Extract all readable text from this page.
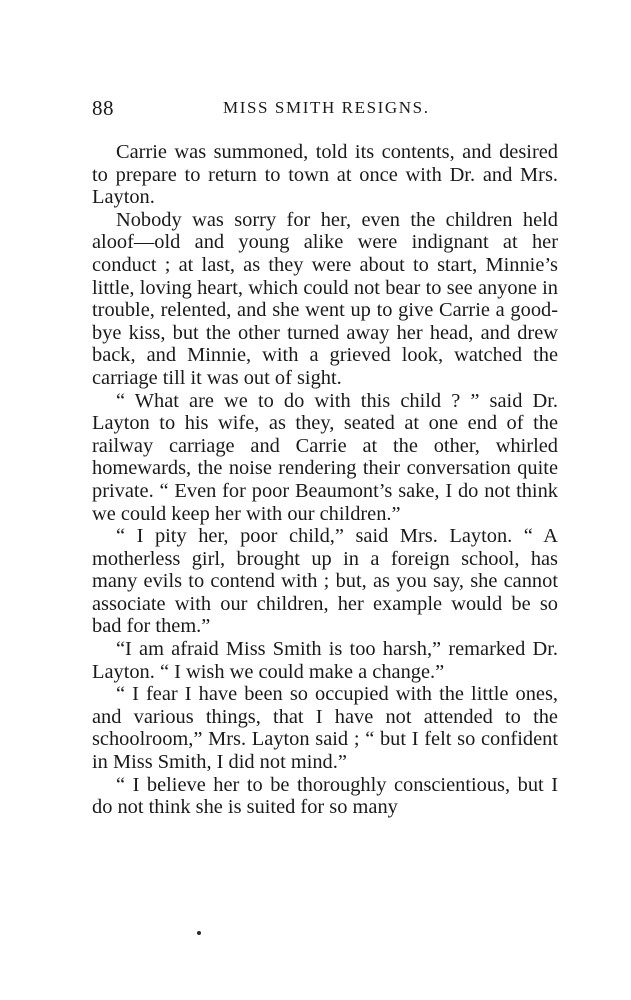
88	MISS SMITH RESIGNS.

Carrie was summoned, told its contents, and desired to prepare to return to town at once with Dr. and Mrs. Layton.

Nobody was sorry for her, even the children held aloof—old and young alike were indignant at her conduct ; at last, as they were about to start, Minnie’s little, loving heart, which could not bear to see anyone in trouble, relented, and she went up to give Carrie a good-bye kiss, but the other turned away her head, and drew back, and Minnie, with a grieved look, watched the carriage till it was out of sight.

“ What are we to do with this child ? ” said Dr. Layton to his wife, as they, seated at one end of the railway carriage and Carrie at the other, whirled homewards, the noise rendering their conversation quite private. “ Even for poor Beaumont’s sake, I do not think we could keep her with our children.”

“ I pity her, poor child,” said Mrs. Layton. “ A motherless girl, brought up in a foreign school, has many evils to contend with ; but, as you say, she cannot associate with our children, her example would be so bad for them.”

“I am afraid Miss Smith is too harsh,” remarked Dr. Layton. “ I wish we could make a change.”

“ I fear I have been so occupied with the little ones, and various things, that I have not attended to the schoolroom,” Mrs. Layton said ; “ but I felt so confident in Miss Smith, I did not mind.”

“ I believe her to be thoroughly conscientious, but I do not think she is suited for so many
